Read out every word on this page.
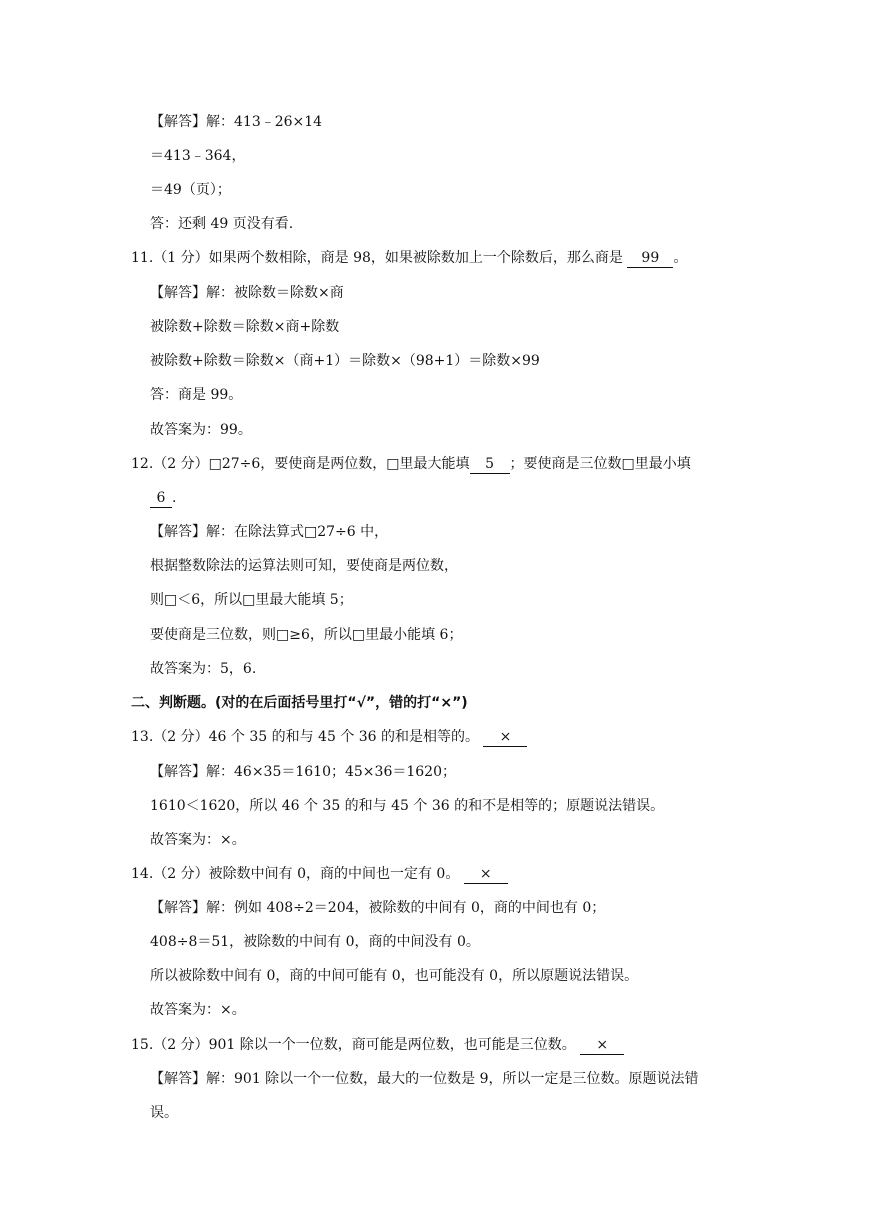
【解答】解：413﹣26×14
＝413﹣364，
＝49（页）；
答：还剩 49 页没有看.
11.（1 分）如果两个数相除，商是 98，如果被除数加上一个除数后，那么商是 99 。
【解答】解：被除数＝除数×商
被除数+除数＝除数×商+除数
被除数+除数＝除数×（商+1）＝除数×（98+1）＝除数×99
答：商是 99。
故答案为：99。
12.（2 分）□27÷6，要使商是两位数，□里最大能填 5 ；要使商是三位数□里最小填
6 .
【解答】解：在除法算式□27÷6 中，
根据整数除法的运算法则可知，要使商是两位数，
则□＜6，所以□里最大能填 5；
要使商是三位数，则□≥6，所以□里最小能填 6；
故答案为：5，6.
二、判断题。(对的在后面括号里打“√”，错的打“×”)
13.（2 分）46 个 35 的和与 45 个 36 的和是相等的。 ×
【解答】解：46×35＝1610；45×36＝1620；
1610＜1620，所以 46 个 35 的和与 45 个 36 的和不是相等的；原题说法错误。
故答案为：×。
14.（2 分）被除数中间有 0，商的中间也一定有 0。 ×
【解答】解：例如 408÷2＝204，被除数的中间有 0，商的中间也有 0；
408÷8＝51，被除数的中间有 0，商的中间没有 0。
所以被除数中间有 0，商的中间可能有 0，也可能没有 0，所以原题说法错误。
故答案为：×。
15.（2 分）901 除以一个一位数，商可能是两位数，也可能是三位数。 ×
【解答】解：901 除以一个一位数，最大的一位数是 9，所以一定是三位数。原题说法错
误。
